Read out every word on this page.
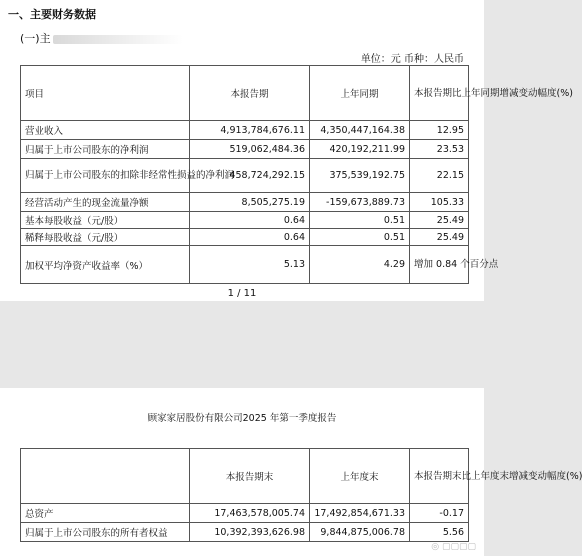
一、主要财务数据
(一)主
单位：元 币种：人民币
项目	本报告期	上年同期	本报告期比上年同期增减变动幅度(%)
营业收入	4,913,784,676.11	4,350,447,164.38	12.95
归属于上市公司股东的净利润	519,062,484.36	420,192,211.99	23.53
归属于上市公司股东的扣除非经常性损益的净利润	458,724,292.15	375,539,192.75	22.15
经营活动产生的现金流量净额	8,505,275.19	-159,673,889.73	105.33
基本每股收益（元/股）	0.64	0.51	25.49
稀释每股收益（元/股）	0.64	0.51	25.49
加权平均净资产收益率（%）	5.13	4.29	增加 0.84 个百分点
1 / 11
顾家家居股份有限公司2025 年第一季度报告
	本报告期末	上年度末	本报告期末比上年度末增减变动幅度(%)
总资产	17,463,578,005.74	17,492,854,671.33	-0.17
归属于上市公司股东的所有者权益	10,392,393,626.98	9,844,875,006.78	5.56
◎ ▢▢▢▢
